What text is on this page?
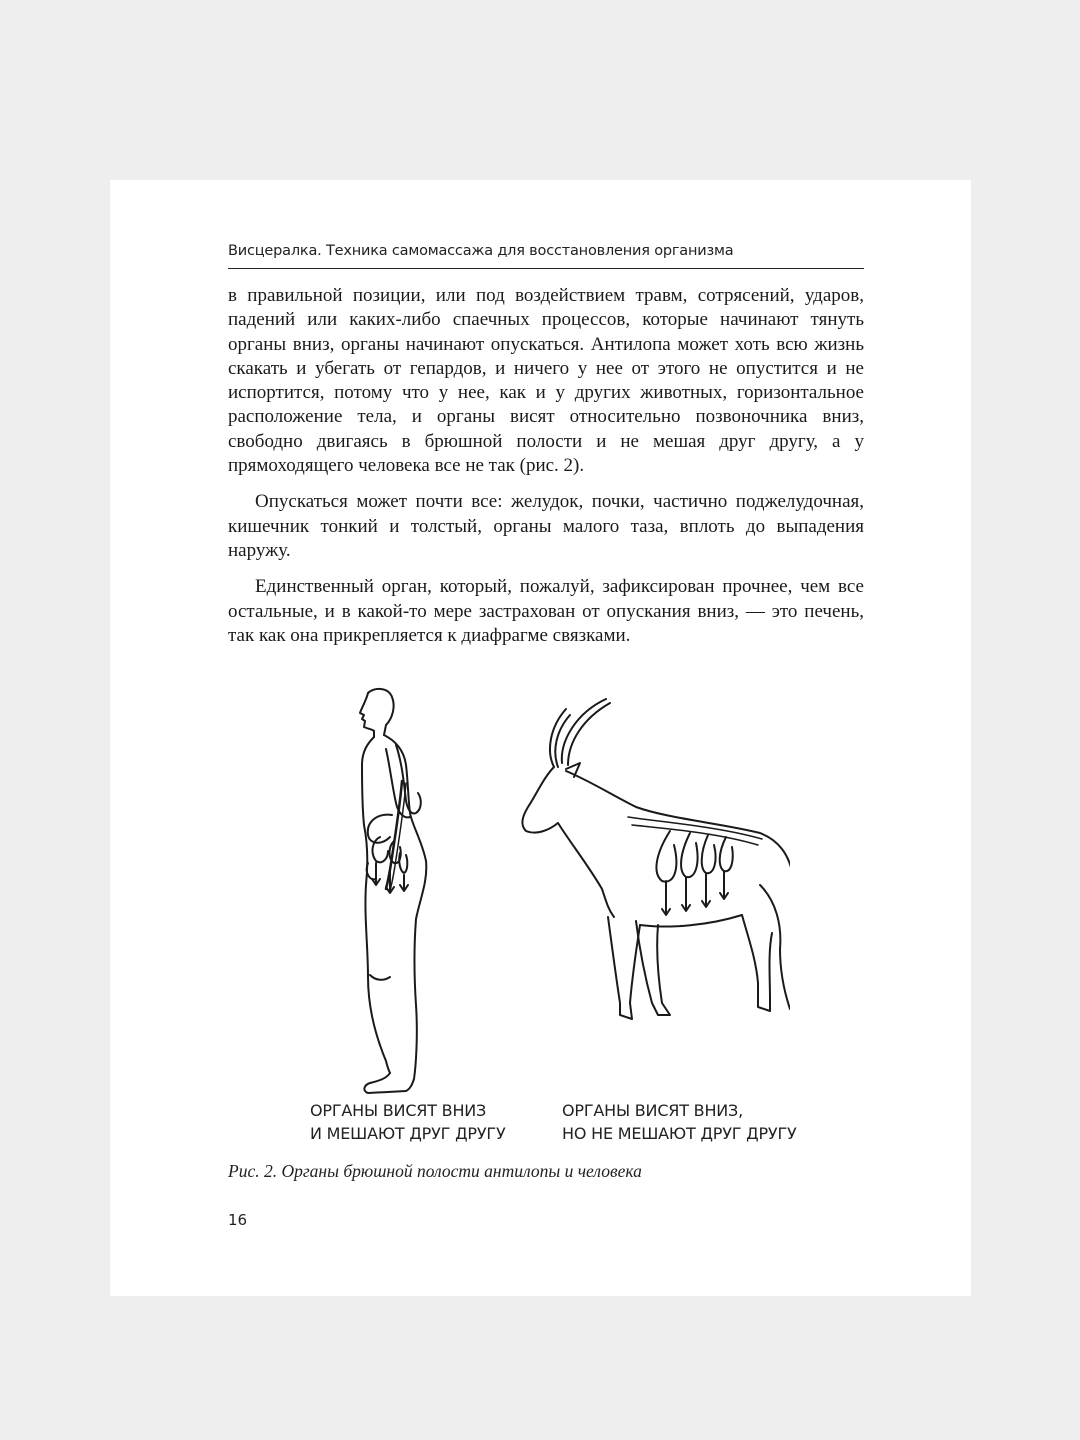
Висцералка. Техника самомассажа для восстановления организма

в правильной позиции, или под воздействием травм, сотрясений, ударов, падений или каких-либо спаечных процессов, которые начинают тянуть органы вниз, органы начинают опускаться. Антилопа может хоть всю жизнь скакать и убегать от гепардов, и ничего у нее от этого не опустится и не испортится, потому что у нее, как и у других животных, горизонтальное расположение тела, и органы висят относительно позвоночника вниз, свободно двигаясь в брюшной полости и не мешая друг другу, а у прямоходящего человека все не так (рис. 2).

Опускаться может почти все: желудок, почки, частично поджелудочная, кишечник тонкий и толстый, органы малого таза, вплоть до выпадения наружу.

Единственный орган, который, пожалуй, зафиксирован прочнее, чем все остальные, и в какой-то мере застрахован от опускания вниз, — это печень, так как она прикрепляется к диафрагме связками.

ОРГАНЫ ВИСЯТ ВНИЗ
И МЕШАЮТ ДРУГ ДРУГУ
ОРГАНЫ ВИСЯТ ВНИЗ,
НО НЕ МЕШАЮТ ДРУГ ДРУГУ
Рис. 2. Органы брюшной полости антилопы и человека
16
